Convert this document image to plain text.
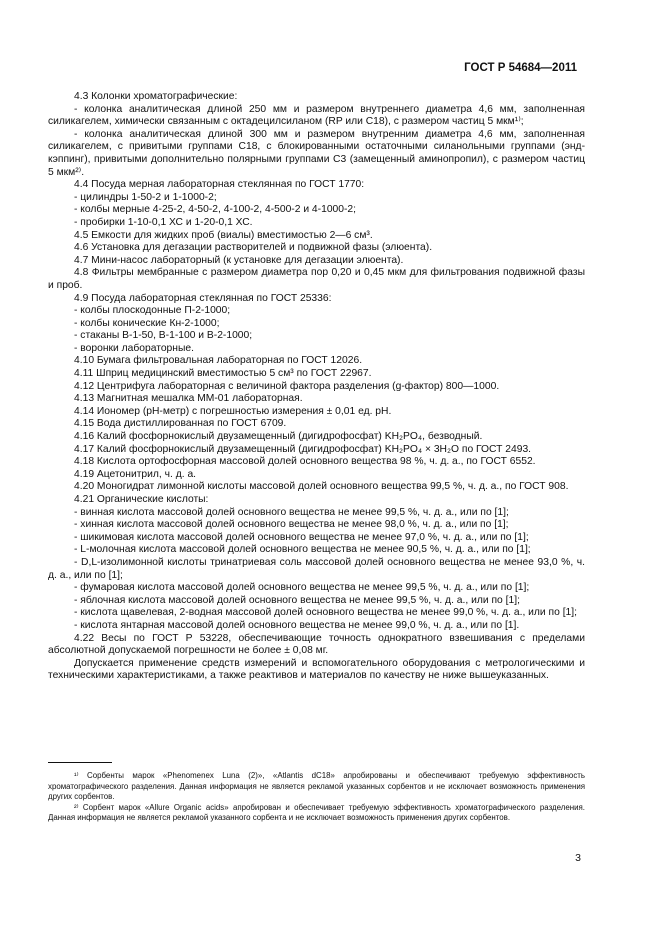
ГОСТ Р 54684—2011

4.3 Колонки хроматографические:

- колонка аналитическая длиной 250 мм и размером внутреннего диаметра 4,6 мм, заполненная силикагелем, химически связанным с октадецилсиланом (RP или C18), с размером частиц 5 мкм¹⁾;

- колонка аналитическая длиной 300 мм и размером внутренним диаметра 4,6 мм, заполненная силикагелем, с привитыми группами C18, с блокированными остаточными силанольными группами (энд-кэппинг), привитыми дополнительно полярными группами C3 (замещенный аминопропил), с размером частиц 5 мкм²⁾.

4.4 Посуда мерная лабораторная стеклянная по ГОСТ 1770:

- цилиндры 1-50-2 и 1-1000-2;

- колбы мерные 4-25-2, 4-50-2, 4-100-2, 4-500-2 и 4-1000-2;

- пробирки 1-10-0,1 ХС и 1-20-0,1 ХС.

4.5 Емкости для жидких проб (виалы) вместимостью 2—6 см³.

4.6 Установка для дегазации растворителей и подвижной фазы (элюента).

4.7 Мини-насос лабораторный (к установке для дегазации элюента).

4.8 Фильтры мембранные с размером диаметра пор 0,20 и 0,45 мкм для фильтрования подвижной фазы и проб.

4.9 Посуда лабораторная стеклянная по ГОСТ 25336:

- колбы плоскодонные П-2-1000;

- колбы конические Кн-2-1000;

- стаканы В-1-50, В-1-100 и В-2-1000;

- воронки лабораторные.

4.10 Бумага фильтровальная лабораторная по ГОСТ 12026.

4.11 Шприц медицинский вместимостью 5 см³ по ГОСТ 22967.

4.12 Центрифуга лабораторная с величиной фактора разделения (g-фактор) 800—1000.

4.13 Магнитная мешалка ММ-01 лабораторная.

4.14 Иономер (рН-метр) с погрешностью измерения ± 0,01 ед. рН.

4.15 Вода дистиллированная по ГОСТ 6709.

4.16 Калий фосфорнокислый двузамещенный (дигидрофосфат) KH₂PO₄, безводный.

4.17 Калий фосфорнокислый двузамещенный (дигидрофосфат) KH₂PO₄ × 3H₂O по ГОСТ 2493.

4.18 Кислота ортофосфорная массовой долей основного вещества 98 %, ч. д. а., по ГОСТ 6552.

4.19 Ацетонитрил, ч. д. а.

4.20 Моногидрат лимонной кислоты массовой долей основного вещества 99,5 %, ч. д. а., по ГОСТ 908.

4.21 Органические кислоты:

- винная кислота массовой долей основного вещества не менее 99,5 %, ч. д. а., или по [1];

- хинная кислота массовой долей основного вещества не менее 98,0 %, ч. д. а., или по [1];

- шикимовая кислота массовой долей основного вещества не менее 97,0 %, ч. д. а., или по [1];

- L-молочная кислота массовой долей основного вещества не менее 90,5 %, ч. д. а., или по [1];

- D,L-изолимонной кислоты тринатриевая соль массовой долей основного вещества не менее 93,0 %, ч. д. а., или по [1];

- фумаровая кислота массовой долей основного вещества не менее 99,5 %, ч. д. а., или по [1];

- яблочная кислота массовой долей основного вещества не менее 99,5 %, ч. д. а., или по [1];

- кислота щавелевая, 2-водная массовой долей основного вещества не менее 99,0 %, ч. д. а., или по [1];

- кислота янтарная массовой долей основного вещества не менее 99,0 %, ч. д. а., или по [1].

4.22 Весы по ГОСТ Р 53228, обеспечивающие точность однократного взвешивания с пределами абсолютной допускаемой погрешности не более ± 0,08 мг.

Допускается применение средств измерений и вспомогательного оборудования с метрологическими и техническими характеристиками, а также реактивов и материалов по качеству не ниже вышеуказанных.

¹⁾ Сорбенты марок «Phenomenex Luna (2)», «Atlantis dC18» апробированы и обеспечивают требуемую эффективность хроматографического разделения. Данная информация не является рекламой указанных сорбентов и не исключает возможность применения других сорбентов.

²⁾ Сорбент марок «Allure Organic acids» апробирован и обеспечивает требуемую эффективность хроматографического разделения. Данная информация не является рекламой указанного сорбента и не исключает возможность применения других сорбентов.

3
